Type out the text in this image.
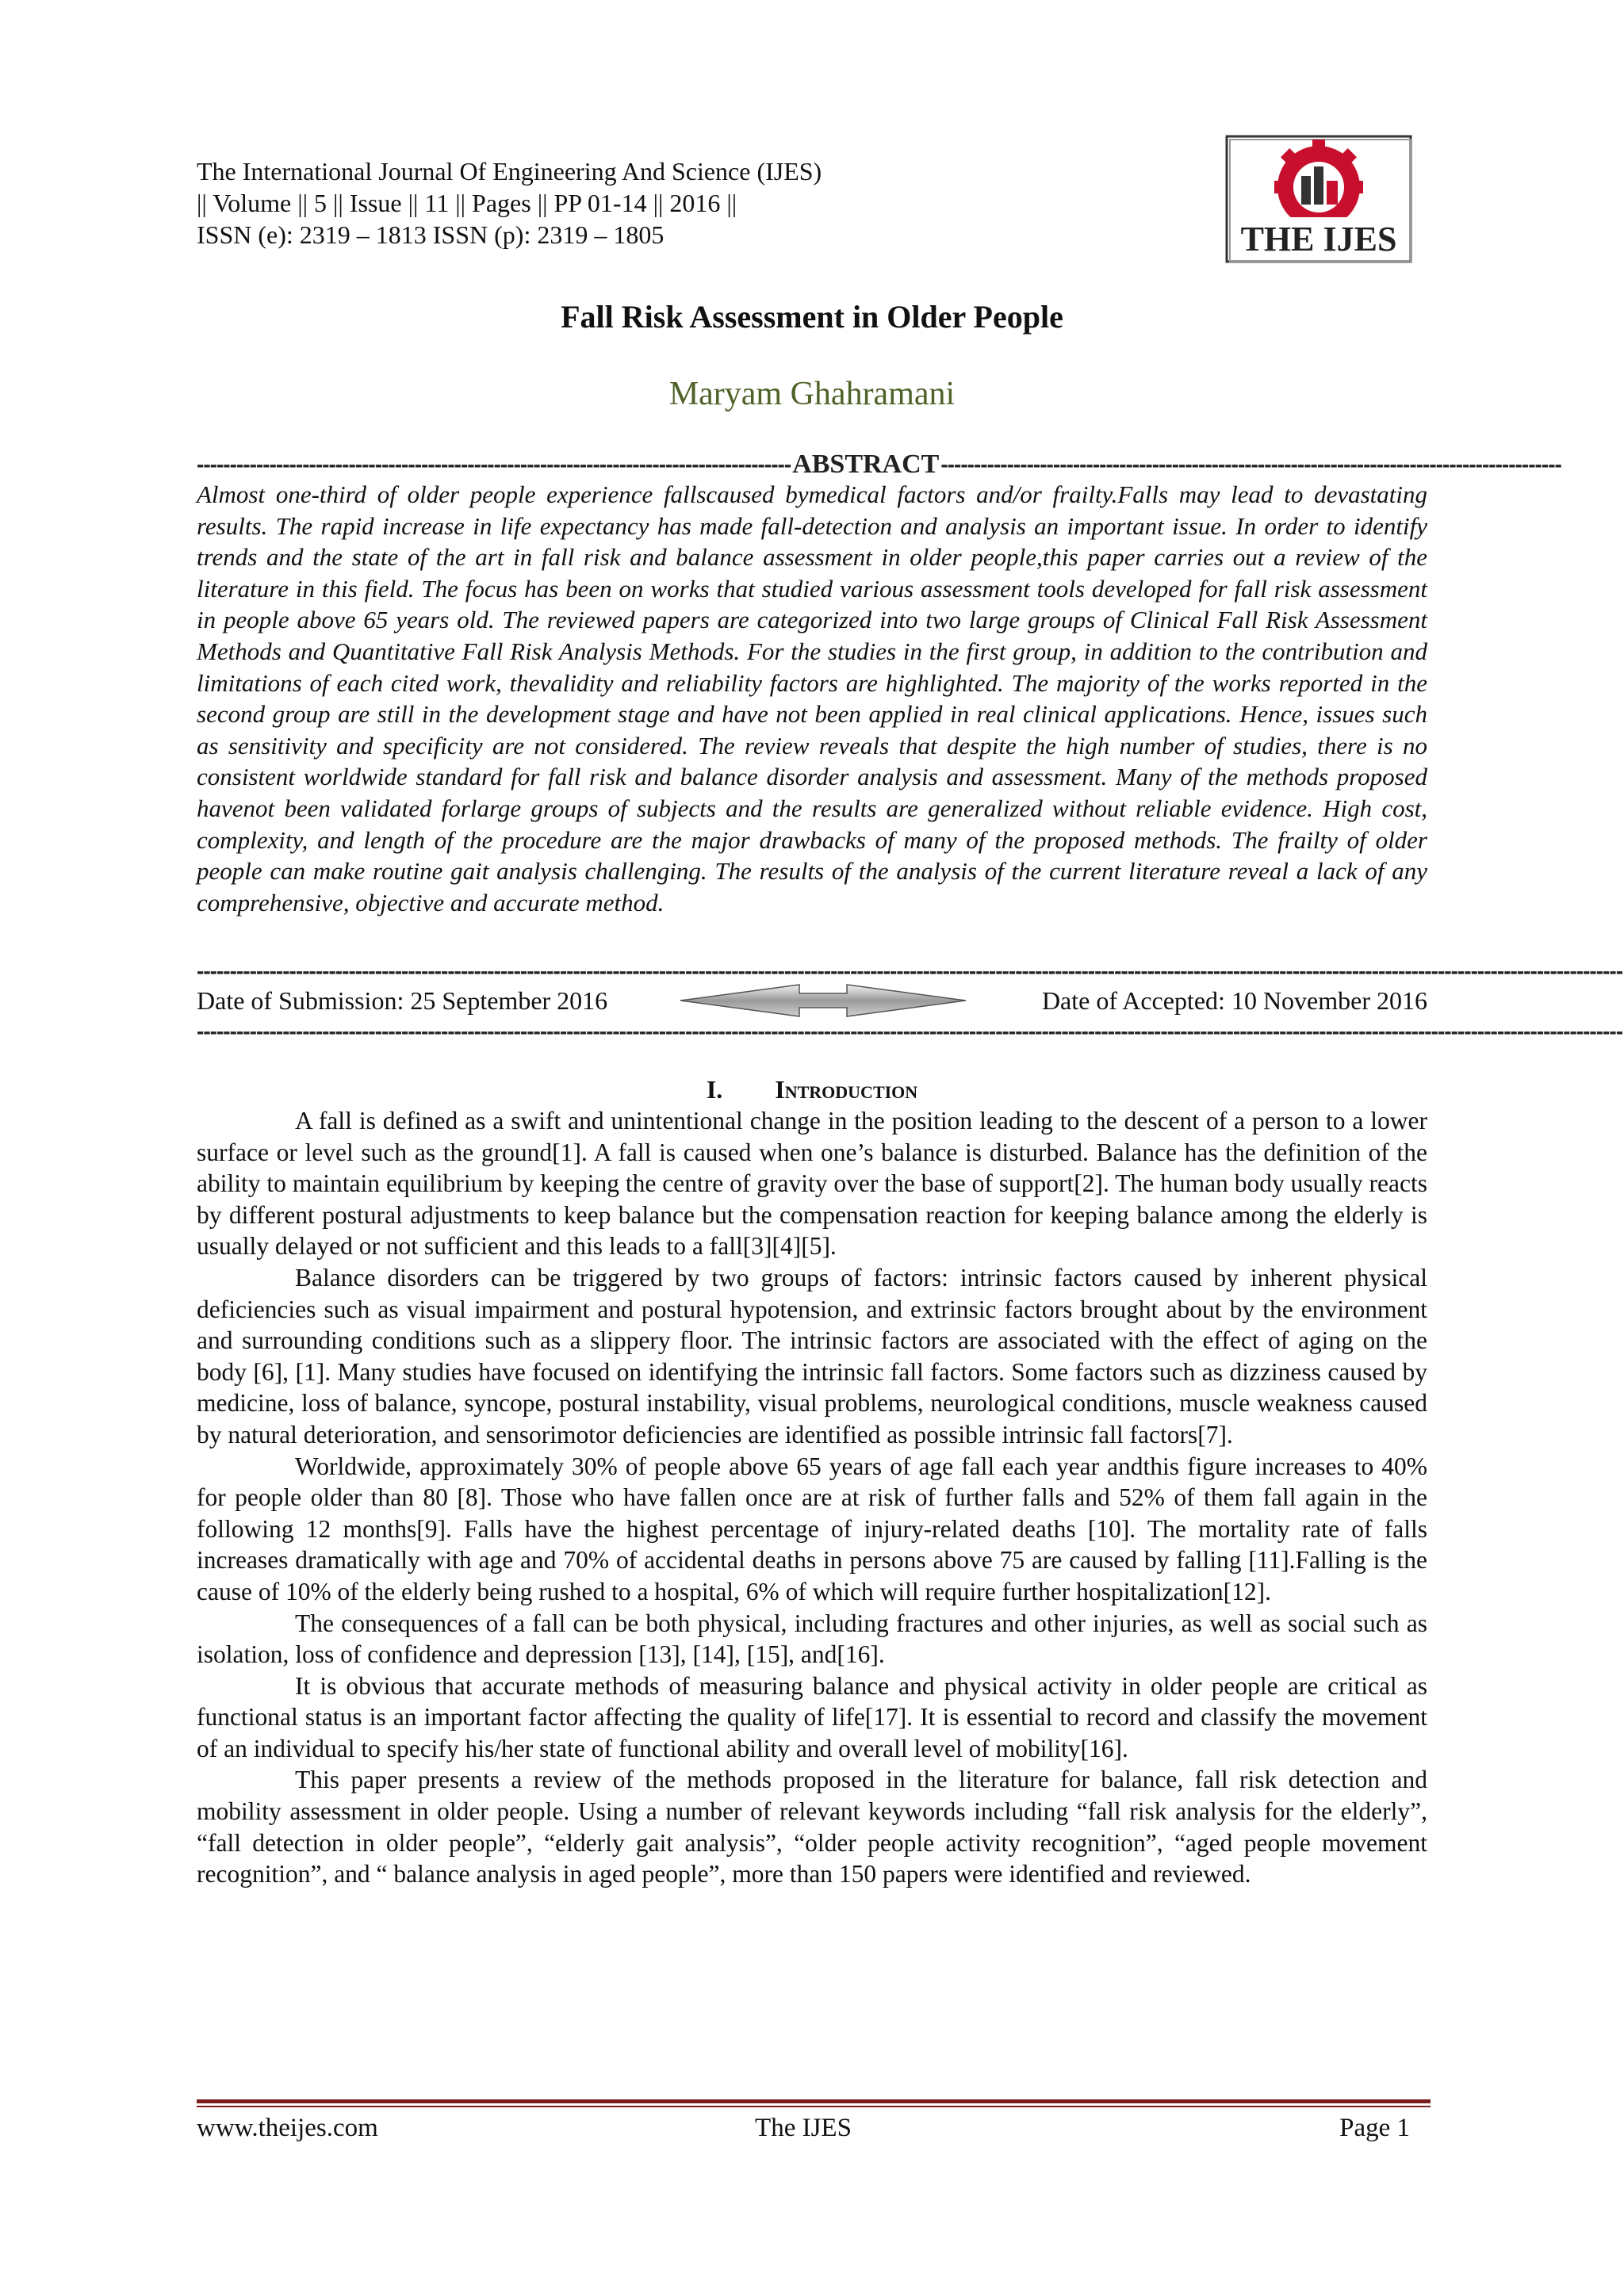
The International Journal Of Engineering And Science (IJES)
|| Volume || 5 || Issue || 11 || Pages || PP 01-14 || 2016 ||
ISSN (e): 2319 – 1813 ISSN (p): 2319 – 1805	THE IJES
Fall Risk Assessment in Older People
Maryam Ghahramani
------------------------------------------------------------------------------------------ ABSTRACT ----------------------------------------------------------------------------------------------
Almost one-third of older people experience fallscaused bymedical factors and/or frailty.Falls may lead to devastating results. The rapid increase in life expectancy has made fall-detection and analysis an important issue. In order to identify trends and the state of the art in fall risk and balance assessment in older people,this paper carries out a review of the literature in this field. The focus has been on works that studied various assessment tools developed for fall risk assessment in people above 65 years old. The reviewed papers are categorized into two large groups of Clinical Fall Risk Assessment Methods and Quantitative Fall Risk Analysis Methods. For the studies in the first group, in addition to the contribution and limitations of each cited work, thevalidity and reliability factors are highlighted. The majority of the works reported in the second group are still in the development stage and have not been applied in real clinical applications. Hence, issues such as sensitivity and specificity are not considered. The review reveals that despite the high number of studies, there is no consistent worldwide standard for fall risk and balance disorder analysis and assessment. Many of the methods proposed havenot been validated forlarge groups of subjects and the results are generalized without reliable evidence. High cost, complexity, and length of the procedure are the major drawbacks of many of the proposed methods. The frailty of older people can make routine gait analysis challenging. The results of the analysis of the current literature reveal a lack of any comprehensive, objective and accurate method.
------------------------------------------------------------------------------------------------------------------------------------------------------------------------------------------------------------------------
Date of Submission: 25 September 2016	Date of Accepted: 10 November 2016
------------------------------------------------------------------------------------------------------------------------------------------------------------------------------------------------------------------------
I. Introduction

A fall is defined as a swift and unintentional change in the position leading to the descent of a person to a lower surface or level such as the ground[1]. A fall is caused when one’s balance is disturbed. Balance has the definition of the ability to maintain equilibrium by keeping the centre of gravity over the base of support[2]. The human body usually reacts by different postural adjustments to keep balance but the compensation reaction for keeping balance among the elderly is usually delayed or not sufficient and this leads to a fall[3][4][5].

Balance disorders can be triggered by two groups of factors: intrinsic factors caused by inherent physical deficiencies such as visual impairment and postural hypotension, and extrinsic factors brought about by the environment and surrounding conditions such as a slippery floor. The intrinsic factors are associated with the effect of aging on the body [6], [1]. Many studies have focused on identifying the intrinsic fall factors. Some factors such as dizziness caused by medicine, loss of balance, syncope, postural instability, visual problems, neurological conditions, muscle weakness caused by natural deterioration, and sensorimotor deficiencies are identified as possible intrinsic fall factors[7].

Worldwide, approximately 30% of people above 65 years of age fall each year andthis figure increases to 40% for people older than 80 [8]. Those who have fallen once are at risk of further falls and 52% of them fall again in the following 12 months[9]. Falls have the highest percentage of injury-related deaths [10]. The mortality rate of falls increases dramatically with age and 70% of accidental deaths in persons above 75 are caused by falling [11].Falling is the cause of 10% of the elderly being rushed to a hospital, 6% of which will require further hospitalization[12].

The consequences of a fall can be both physical, including fractures and other injuries, as well as social such as isolation, loss of confidence and depression [13], [14], [15], and[16].

It is obvious that accurate methods of measuring balance and physical activity in older people are critical as functional status is an important factor affecting the quality of life[17]. It is essential to record and classify the movement of an individual to specify his/her state of functional ability and overall level of mobility[16].

This paper presents a review of the methods proposed in the literature for balance, fall risk detection and mobility assessment in older people. Using a number of relevant keywords including “fall risk analysis for the elderly”, “fall detection in older people”, “elderly gait analysis”, “older people activity recognition”, “aged people movement recognition”, and “ balance analysis in aged people”, more than 150 papers were identified and reviewed.

www.theijes.com	The IJES	Page 1
